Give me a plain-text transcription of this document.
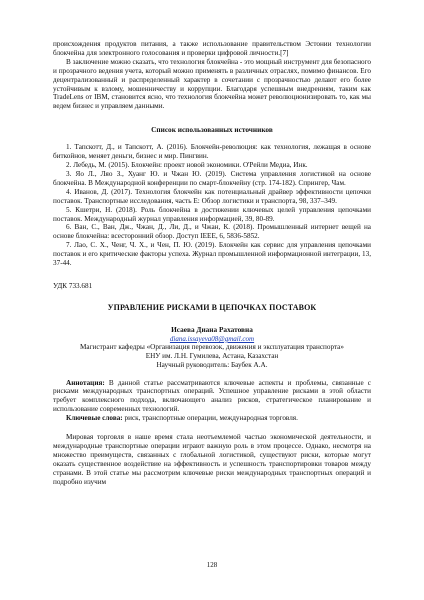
происхождения продуктов питания, а также использование правительством Эстонии технологии блокчейна для электронного голосования и проверки цифровой личности.[7]

В заключение можно сказать, что технология блокчейна - это мощный инструмент для безопасного и прозрачного ведения учета, который можно применять в различных отраслях, помимо финансов. Его децентрализованный и распределенный характер в сочетании с прозрачностью делают его более устойчивым к взлому, мошенничеству и коррупции. Благодаря успешным внедрениям, таким как TradeLens от IBM, становится ясно, что технология блокчейна может революционизировать то, как мы ведем бизнес и управляем данными.

Список использованных источников

1. Тапскотт, Д., и Тапскотт, А. (2016). Блокчейн-революция: как технология, лежащая в основе биткойнов, меняет деньги, бизнес и мир. Пингвин.

2. Лебедь, М. (2015). Блокчейн: проект новой экономики. О'Рейли Медиа, Инк.

3. Яо Л., Ляо З., Хуанг Ю. и Чжан Ю. (2019). Система управления логистикой на основе блокчейна. В Международной конференции по смарт-блокчейну (стр. 174-182). Спрингер, Чам.

4. Иванов, Д. (2017). Технология блокчейн как потенциальный драйвер эффективности цепочки поставок. Транспортные исследования, часть Е: Обзор логистики и транспорта, 98, 337–349.

5. Кшетри, Н. (2018). Роль блокчейна в достижении ключевых целей управления цепочками поставок. Международный журнал управления информацией, 39, 80-89.

6. Ван, С., Ван, Дж., Чжан, Д., Ли, Д., и Чжан, К. (2018). Промышленный интернет вещей на основе блокчейна: всесторонний обзор. Доступ IEEE, 6, 5836-5852.

7. Лао, С. Х., Ченг, Ч. Х., и Чен, П. Ю. (2019). Блокчейн как сервис для управления цепочками поставок и его критические факторы успеха. Журнал промышленной информационной интеграции, 13, 37-44.

УДК 733.681

УПРАВЛЕНИЕ РИСКАМИ В ЦЕПОЧКАХ ПОСТАВОК
Исаева Диана Рахатовна
diana.issayeva08@gmail.com
Магистрант кафедры «Организация перевозок, движения и эксплуатация транспорта»
ЕНУ им. Л.Н. Гумилева, Астана, Казахстан
Научный руководитель: Баубек А.А.

Аннотация: В данной статье рассматриваются ключевые аспекты и проблемы, связанные с рисками международных транспортных операций. Успешное управление рисками в этой области требует комплексного подхода, включающего анализ рисков, стратегическое планирование и использование современных технологий.

Ключевые слова: риск, транспортные операции, международная торговля.

Мировая торговля в наше время стала неотъемлемой частью экономической деятельности, и международные транспортные операции играют важную роль в этом процессе. Однако, несмотря на множество преимуществ, связанных с глобальной логистикой, существуют риски, которые могут оказать существенное воздействие на эффективность и успешность транспортировки товаров между странами. В этой статье мы рассмотрим ключевые риски международных транспортных операций и подробно изучим

128
